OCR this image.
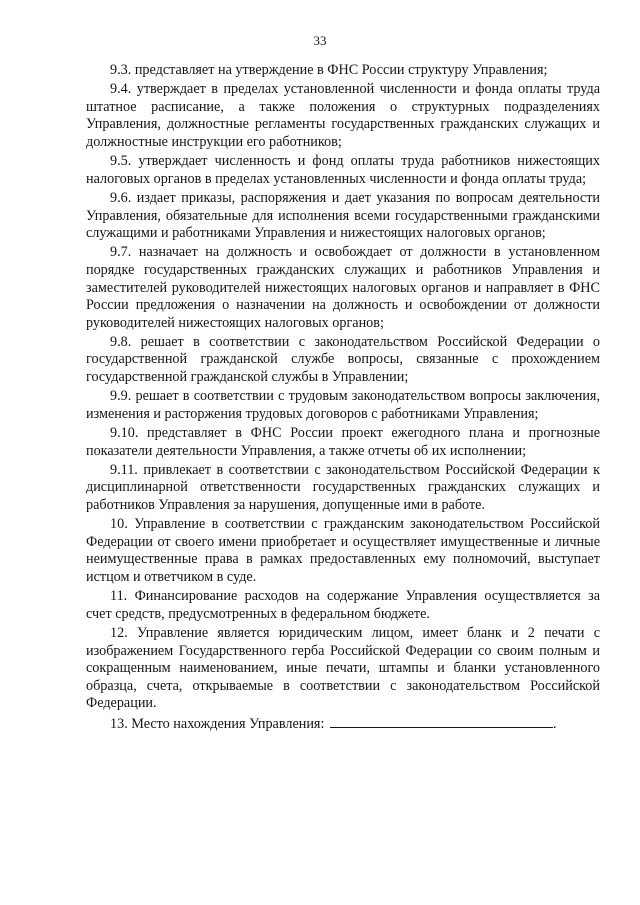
33

9.3. представляет на утверждение в ФНС России структуру Управления;

9.4. утверждает в пределах установленной численности и фонда оплаты труда штатное расписание, а также положения о структурных подразделениях Управления, должностные регламенты государственных гражданских служащих и должностные инструкции его работников;

9.5. утверждает численность и фонд оплаты труда работников нижестоящих налоговых органов в пределах установленных численности и фонда оплаты труда;

9.6. издает приказы, распоряжения и дает указания по вопросам деятельности Управления, обязательные для исполнения всеми государственными гражданскими служащими и работниками Управления и нижестоящих налоговых органов;

9.7. назначает на должность и освобождает от должности в установленном порядке государственных гражданских служащих и работников Управления и заместителей руководителей нижестоящих налоговых органов и направляет в ФНС России предложения о назначении на должность и освобождении от должности руководителей нижестоящих налоговых органов;

9.8. решает в соответствии с законодательством Российской Федерации о государственной гражданской службе вопросы, связанные с прохождением государственной гражданской службы в Управлении;

9.9. решает в соответствии с трудовым законодательством вопросы заключения, изменения и расторжения трудовых договоров с работниками Управления;

9.10. представляет в ФНС России проект ежегодного плана и прогнозные показатели деятельности Управления, а также отчеты об их исполнении;

9.11. привлекает в соответствии с законодательством Российской Федерации к дисциплинарной ответственности государственных гражданских служащих и работников Управления за нарушения, допущенные ими в работе.

10. Управление в соответствии с гражданским законодательством Российской Федерации от своего имени приобретает и осуществляет имущественные и личные неимущественные права в рамках предоставленных ему полномочий, выступает истцом и ответчиком в суде.

11. Финансирование расходов на содержание Управления осуществляется за счет средств, предусмотренных в федеральном бюджете.

12. Управление является юридическим лицом, имеет бланк и 2 печати с изображением Государственного герба Российской Федерации со своим полным и сокращенным наименованием, иные печати, штампы и бланки установленного образца, счета, открываемые в соответствии с законодательством Российской Федерации.

13. Место нахождения Управления:	.
